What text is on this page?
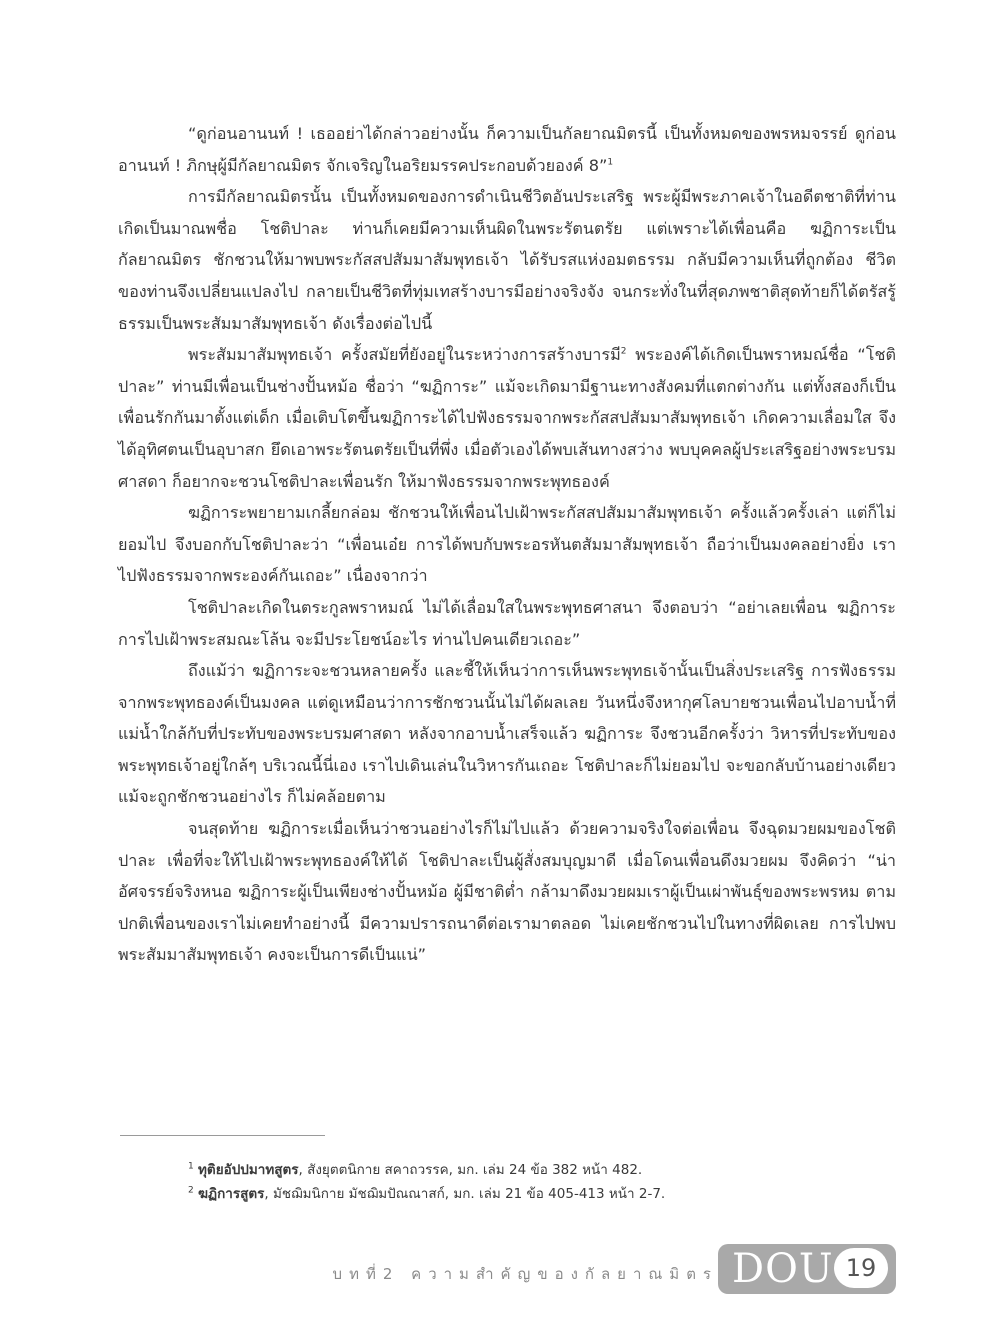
“ดูก่อนอานนท์ ! เธออย่าได้กล่าวอย่างนั้น ก็ความเป็นกัลยาณมิตรนี้ เป็นทั้งหมดของพรหมจรรย์ ดูก่อนอานนท์ ! ภิกษุผู้มีกัลยาณมิตร จักเจริญในอริยมรรคประกอบด้วยองค์ 8”$^1$

การมีกัลยาณมิตรนั้น เป็นทั้งหมดของการดำเนินชีวิตอันประเสริฐ พระผู้มีพระภาคเจ้าในอดีตชาติที่ท่านเกิดเป็นมาณพชื่อ โชติปาละ ท่านก็เคยมีความเห็นผิดในพระรัตนตรัย แต่เพราะได้เพื่อนคือ ฆฏิการะเป็นกัลยาณมิตร ชักชวนให้มาพบพระกัสสปสัมมาสัมพุทธเจ้า ได้รับรสแห่งอมตธรรม กลับมีความเห็นที่ถูกต้อง ชีวิตของท่านจึงเปลี่ยนแปลงไป กลายเป็นชีวิตที่ทุ่มเทสร้างบารมีอย่างจริงจัง จนกระทั่งในที่สุดภพชาติสุดท้ายก็ได้ตรัสรู้ธรรมเป็นพระสัมมาสัมพุทธเจ้า ดังเรื่องต่อไปนี้

พระสัมมาสัมพุทธเจ้า ครั้งสมัยที่ยังอยู่ในระหว่างการสร้างบารมี$^2$ พระองค์ได้เกิดเป็นพราหมณ์ชื่อ “โชติปาละ” ท่านมีเพื่อนเป็นช่างปั้นหม้อ ชื่อว่า “ฆฏิการะ” แม้จะเกิดมามีฐานะทางสังคมที่แตกต่างกัน แต่ทั้งสองก็เป็นเพื่อนรักกันมาตั้งแต่เด็ก เมื่อเติบโตขึ้นฆฏิการะได้ไปฟังธรรมจากพระกัสสปสัมมาสัมพุทธเจ้า เกิดความเลื่อมใส จึงได้อุทิศตนเป็นอุบาสก ยึดเอาพระรัตนตรัยเป็นที่พึ่ง เมื่อตัวเองได้พบเส้นทางสว่าง พบบุคคลผู้ประเสริฐอย่างพระบรมศาสดา ก็อยากจะชวนโชติปาละเพื่อนรัก ให้มาฟังธรรมจากพระพุทธองค์

ฆฏิการะพยายามเกลี้ยกล่อม ชักชวนให้เพื่อนไปเฝ้าพระกัสสปสัมมาสัมพุทธเจ้า ครั้งแล้วครั้งเล่า แต่ก็ไม่ยอมไป จึงบอกกับโชติปาละว่า “เพื่อนเอ๋ย การได้พบกับพระอรหันตสัมมาสัมพุทธเจ้า ถือว่าเป็นมงคลอย่างยิ่ง เราไปฟังธรรมจากพระองค์กันเถอะ” เนื่องจากว่า

โชติปาละเกิดในตระกูลพราหมณ์ ไม่ได้เลื่อมใสในพระพุทธศาสนา จึงตอบว่า “อย่าเลยเพื่อน ฆฏิการะ การไปเฝ้าพระสมณะโล้น จะมีประโยชน์อะไร ท่านไปคนเดียวเถอะ”

ถึงแม้ว่า ฆฏิการะจะชวนหลายครั้ง และชี้ให้เห็นว่าการเห็นพระพุทธเจ้านั้นเป็นสิ่งประเสริฐ การฟังธรรมจากพระพุทธองค์เป็นมงคล แต่ดูเหมือนว่าการชักชวนนั้นไม่ได้ผลเลย วันหนึ่งจึงหากุศโลบายชวนเพื่อนไปอาบน้ำที่แม่น้ำใกล้กับที่ประทับของพระบรมศาสดา หลังจากอาบน้ำเสร็จแล้ว ฆฏิการะ จึงชวนอีกครั้งว่า วิหารที่ประทับของพระพุทธเจ้าอยู่ใกล้ๆ บริเวณนี้นี่เอง เราไปเดินเล่นในวิหารกันเถอะ โชติปาละก็ไม่ยอมไป จะขอกลับบ้านอย่างเดียว แม้จะถูกชักชวนอย่างไร ก็ไม่คล้อยตาม

จนสุดท้าย ฆฏิการะเมื่อเห็นว่าชวนอย่างไรก็ไม่ไปแล้ว ด้วยความจริงใจต่อเพื่อน จึงฉุดมวยผมของโชติปาละ เพื่อที่จะให้ไปเฝ้าพระพุทธองค์ให้ได้ โชติปาละเป็นผู้สั่งสมบุญมาดี เมื่อโดนเพื่อนดึงมวยผม จึงคิดว่า “น่าอัศจรรย์จริงหนอ ฆฏิการะผู้เป็นเพียงช่างปั้นหม้อ ผู้มีชาติต่ำ กล้ามาดึงมวยผมเราผู้เป็นเผ่าพันธุ์ของพระพรหม ตามปกติเพื่อนของเราไม่เคยทำอย่างนี้ มีความปรารถนาดีต่อเรามาตลอด ไม่เคยชักชวนไปในทางที่ผิดเลย การไปพบพระสัมมาสัมพุทธเจ้า คงจะเป็นการดีเป็นแน่”

$^1$ ทุติยอัปปมาทสูตร, สังยุตตนิกาย สคาถวรรค, มก. เล่ม 24 ข้อ 382 หน้า 482.
$^2$ ฆฏิการสูตร, มัชฌิมนิกาย มัชฌิมปัณณาสก์, มก. เล่ม 21 ข้อ 405-413 หน้า 2-7.
บทที่2 ความสำคัญของกัลยาณมิตร DOU 19
